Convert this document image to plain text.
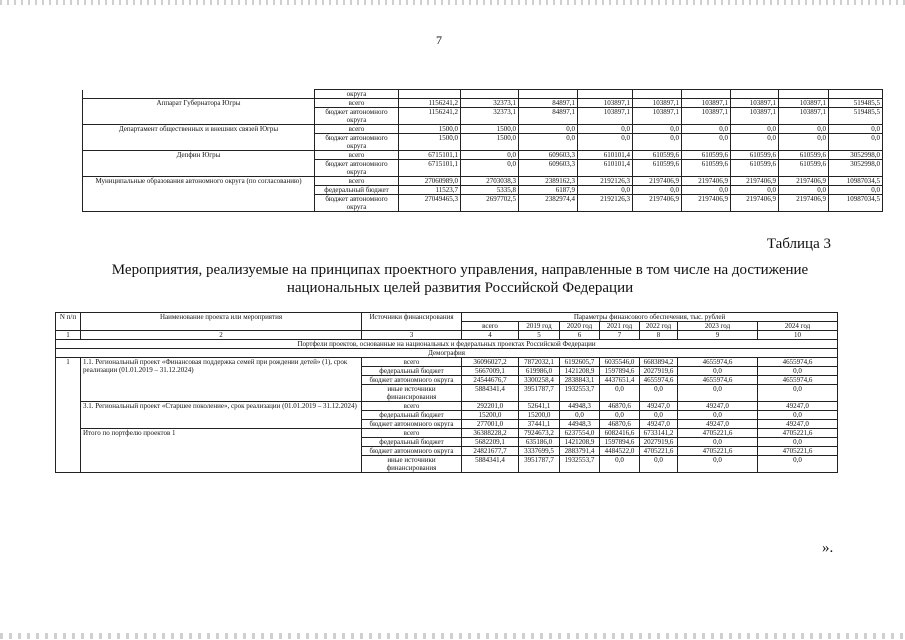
7
	округа										
Аппарат Губернатора Югры	всего	1156241,2	32373,1	84897,1	103897,1	103897,1	103897,1	103897,1	103897,1	519485,5	
	бюджет автономного округа	1156241,2	32373,1	84897,1	103897,1	103897,1	103897,1	103897,1	103897,1	519485,5	
Департамент общественных и внешних связей Югры	всего	1500,0	1500,0	0,0	0,0	0,0	0,0	0,0	0,0	0,0	
	бюджет автономного округа	1500,0	1500,0	0,0	0,0	0,0	0,0	0,0	0,0	0,0	
Депфин Югры	всего	6715101,1	0,0	609603,3	610101,4	610599,6	610599,6	610599,6	610599,6	3052998,0	
	бюджет автономного округа	6715101,1	0,0	609603,3	610101,4	610599,6	610599,6	610599,6	610599,6	3052998,0	
Муниципальные образования автономного округа (по согласованию)	всего	27060989,0	2703038,3	2389162,3	2192126,3	2197406,9	2197406,9	2197406,9	2197406,9	10987034,5	
	федеральный бюджет	11523,7	5335,8	6187,9	0,0	0,0	0,0	0,0	0,0	0,0	
	бюджет автономного округа	27049465,3	2697702,5	2382974,4	2192126,3	2197406,9	2197406,9	2197406,9	2197406,9	10987034,5	
Таблица 3
Мероприятия, реализуемые на принципах проектного управления, направленные в том числе на достижение
национальных целей развития Российской Федерации
N п/п	Наименование проекта или мероприятия	Источники финансирования	Параметры финансового обеспечения, тыс. рублей						
			всего	2019 год	2020 год	2021 год	2022 год	2023 год	2024 год
1	2	3	4	5	6	7	8	9	10
Портфели проектов, основанные на национальных и федеральных проектах Российской Федерации									
Демография									
1	1.1. Региональный проект «Финансовая поддержка семей при рождении детей» (1), срок реализации (01.01.2019 – 31.12.2024)	всего	36096027,2	7872032,1	6192605,7	6035546,0	6683894,2	4655974,6	4655974,6
		федеральный бюджет	5667009,1	619986,0	1421208,9	1597894,6	2027919,6	0,0	0,0
		бюджет автономного округа	24544676,7	3300258,4	2838843,1	4437651,4	4655974,6	4655974,6	4655974,6
		иные источники финансирования	5884341,4	3951787,7	1932553,7	0,0	0,0	0,0	0,0
	3.1. Региональный проект «Старшее поколение», срок реализации (01.01.2019 – 31.12.2024)	всего	292201,0	52641,1	44948,3	46870,6	49247,0	49247,0	49247,0
		федеральный бюджет	15200,0	15200,0	0,0	0,0	0,0	0,0	0,0
		бюджет автономного округа	277001,0	37441,1	44948,3	46870,6	49247,0	49247,0	49247,0
	Итого по портфелю проектов 1	всего	36388228,2	7924673,2	6237554,0	6082416,6	6733141,2	4705221,6	4705221,6
		федеральный бюджет	5682209,1	635186,0	1421208,9	1597894,6	2027919,6	0,0	0,0
		бюджет автономного округа	24821677,7	3337699,5	2883791,4	4484522,0	4705221,6	4705221,6	4705221,6
		иные источники финансирования	5884341,4	3951787,7	1932553,7	0,0	0,0	0,0	0,0
».
